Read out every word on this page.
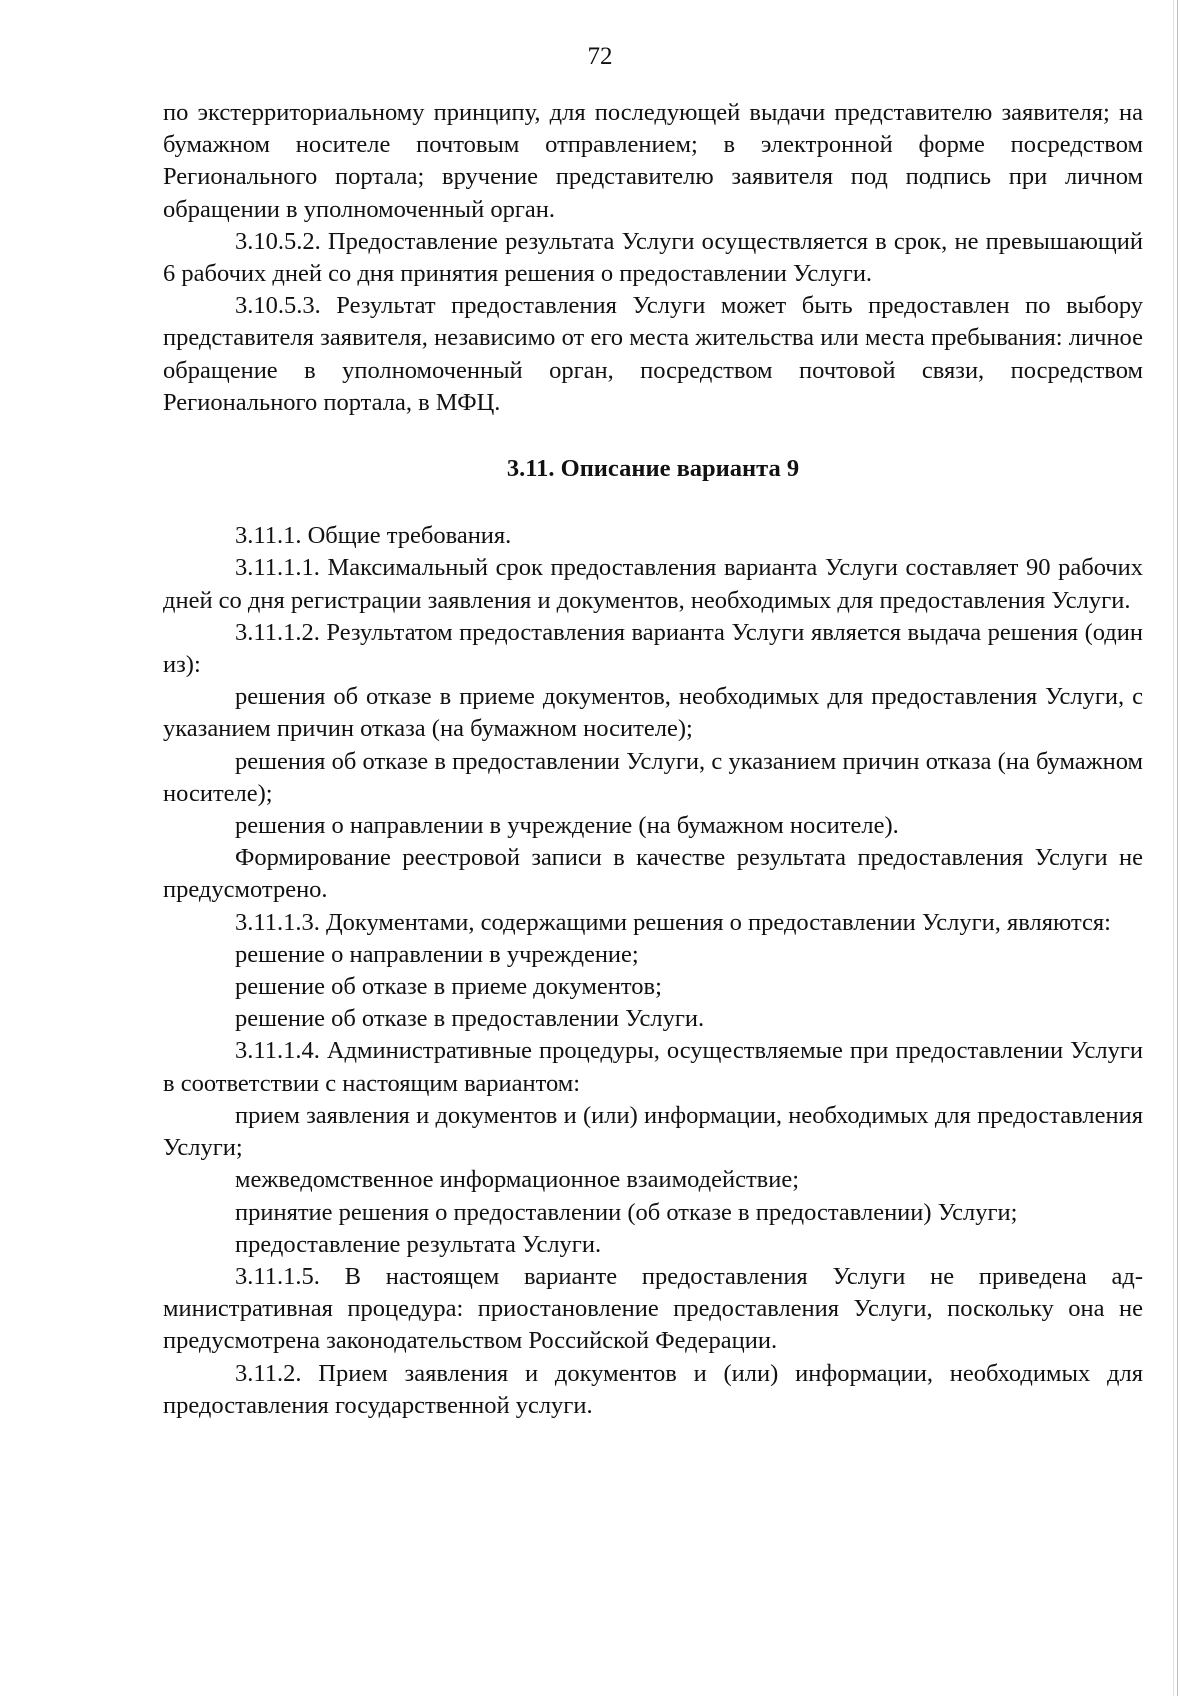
72

по экстерриториальному принципу, для последующей выдачи представителю заявителя; на бумажном носителе почтовым отправлением; в электронной форме посредством Регионального портала; вручение представителю заявителя под подпись при личном обращении в уполномоченный орган.

3.10.5.2. Предоставление результата Услуги осуществляется в срок, не превышающий 6 рабочих дней со дня принятия решения о предоставлении Услуги.

3.10.5.3. Результат предоставления Услуги может быть предоставлен по выбору представителя заявителя, независимо от его места жительства или места пребывания: личное обращение в уполномоченный орган, посредством почтовой связи, посредством Регионального портала, в МФЦ.

3.11. Описание варианта 9

3.11.1. Общие требования.

3.11.1.1. Максимальный срок предоставления варианта Услуги составляет 90 рабочих дней со дня регистрации заявления и документов, необходимых для предоставления Услуги.

3.11.1.2. Результатом предоставления варианта Услуги является выдача решения (один из):

решения об отказе в приеме документов, необходимых для предоставления Услуги, с указанием причин отказа (на бумажном носителе);

решения об отказе в предоставлении Услуги, с указанием причин отказа (на бумажном носителе);

решения о направлении в учреждение (на бумажном носителе).

Формирование реестровой записи в качестве результата предоставления Услуги не предусмотрено.

3.11.1.3. Документами, содержащими решения о предоставлении Услуги, являются:

решение о направлении в учреждение;

решение об отказе в приеме документов;

решение об отказе в предоставлении Услуги.

3.11.1.4. Административные процедуры, осуществляемые при предоставлении Услуги в соответствии с настоящим вариантом:

прием заявления и документов и (или) информации, необходимых для предоставления Услуги;

межведомственное информационное взаимодействие;

принятие решения о предоставлении (об отказе в предоставлении) Услуги;

предоставление результата Услуги.

3.11.1.5. В настоящем варианте предоставления Услуги не приведена административная процедура: приостановление предоставления Услуги, поскольку она не предусмотрена законодательством Российской Федерации.

3.11.2. Прием заявления и документов и (или) информации, необходимых для предоставления государственной услуги.
